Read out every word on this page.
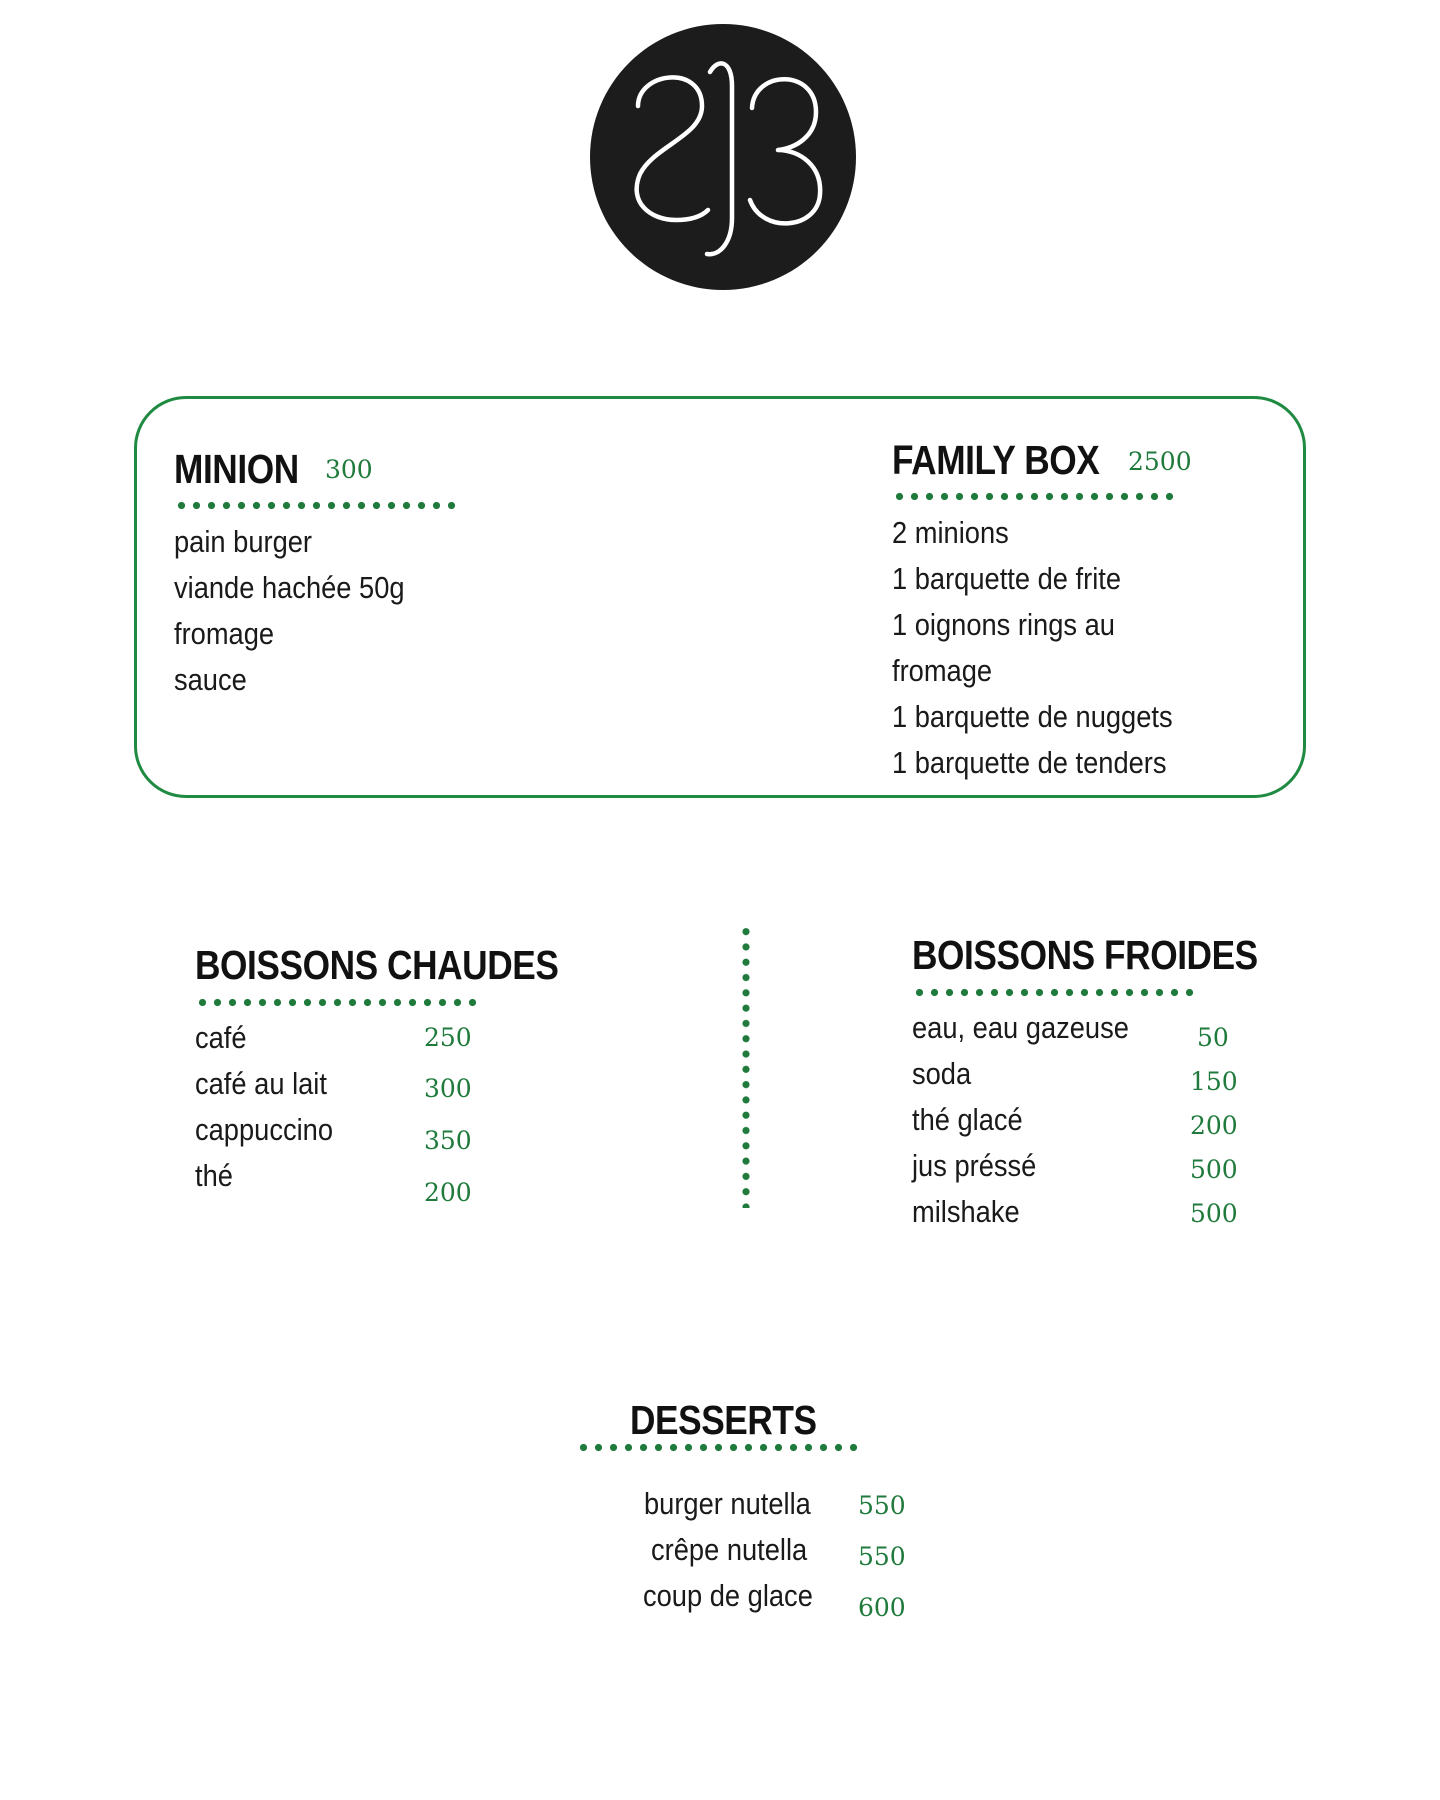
MINION 300
pain burger
viande hachée 50g
fromage
sauce
FAMILY BOX 2500
2 minions
1 barquette de frite
1 oignons rings au
fromage
1 barquette de nuggets
1 barquette de tenders
BOISSONS CHAUDES
café	250
café au lait	300
cappuccino	350
thé	200
BOISSONS FROIDES
eau, eau gazeuse	50
soda	150
thé glacé	200
jus préssé	500
milshake	500
DESSERTS
burger nutella 550
crêpe nutella 550
coup de glace 600
